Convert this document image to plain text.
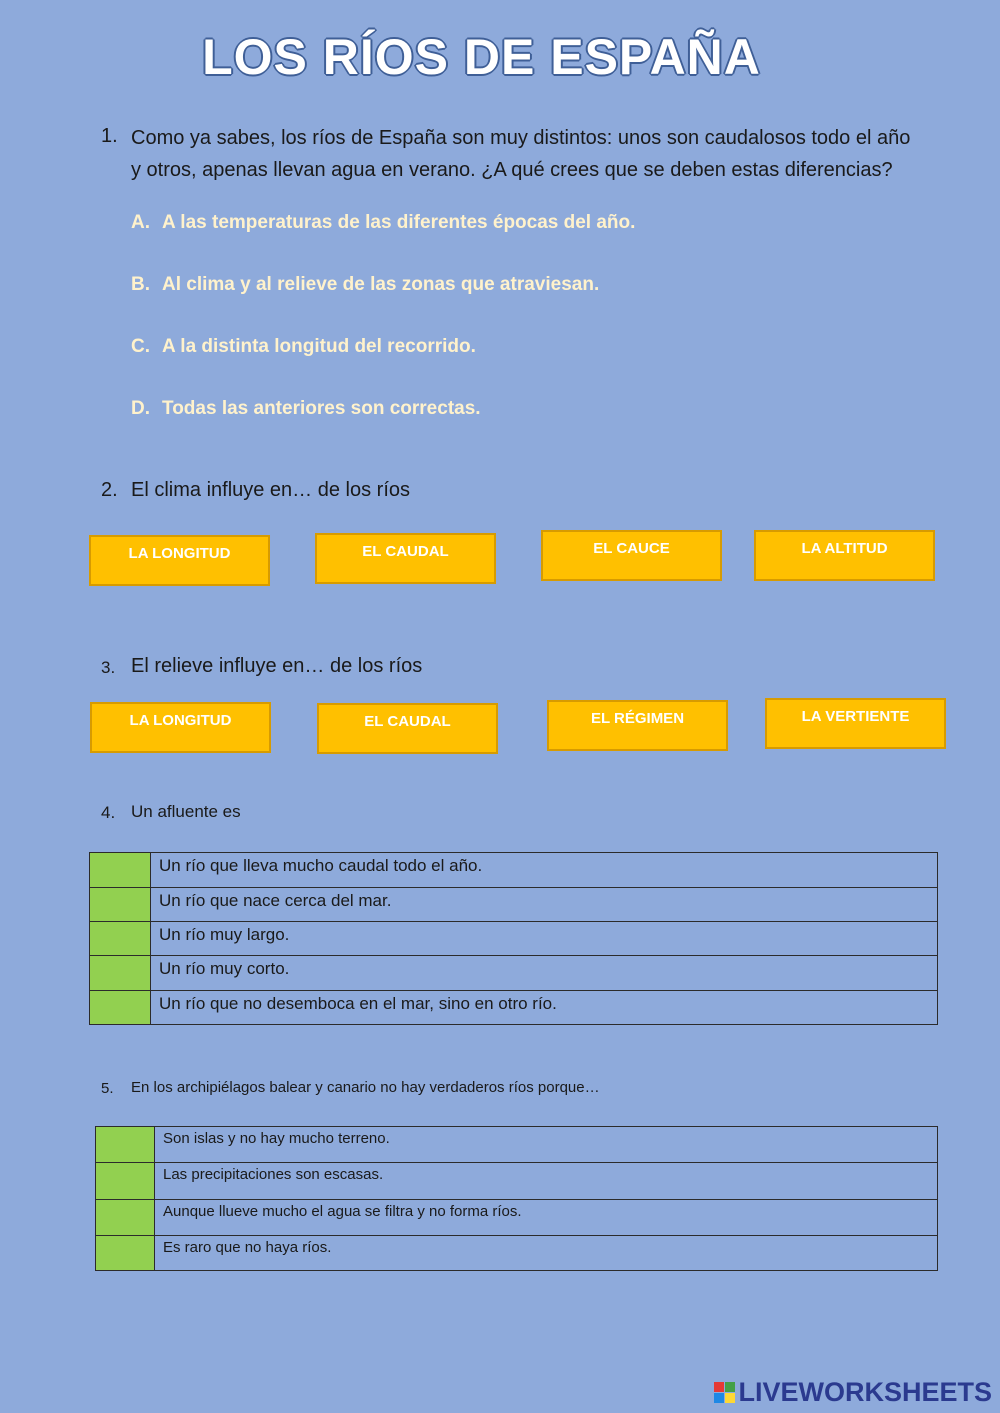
LOS RÍOS DE ESPAÑA
1. Como ya sabes, los ríos de España son muy distintos: unos son caudalosos todo el año
y otros, apenas llevan agua en verano. ¿A qué crees que se deben estas diferencias?
A. A las temperaturas de las diferentes épocas del año.
B. Al clima y al relieve de las zonas que atraviesan.
C. A la distinta longitud del recorrido.
D. Todas las anteriores son correctas.
2. El clima influye en… de los ríos
LA LONGITUD	EL CAUDAL	EL CAUCE	LA ALTITUD
3. El relieve influye en… de los ríos
LA LONGITUD	EL CAUDAL	EL RÉGIMEN	LA VERTIENTE
4. Un afluente es
	Un río que lleva mucho caudal todo el año.
	Un río que nace cerca del mar.
	Un río muy largo.
	Un río muy corto.
	Un río que no desemboca en el mar, sino en otro río.
5. En los archipiélagos balear y canario no hay verdaderos ríos porque…
	Son islas y no hay mucho terreno.
	Las precipitaciones son escasas.
	Aunque llueve mucho el agua se filtra y no forma ríos.
	Es raro que no haya ríos.
LIVEWORKSHEETS
